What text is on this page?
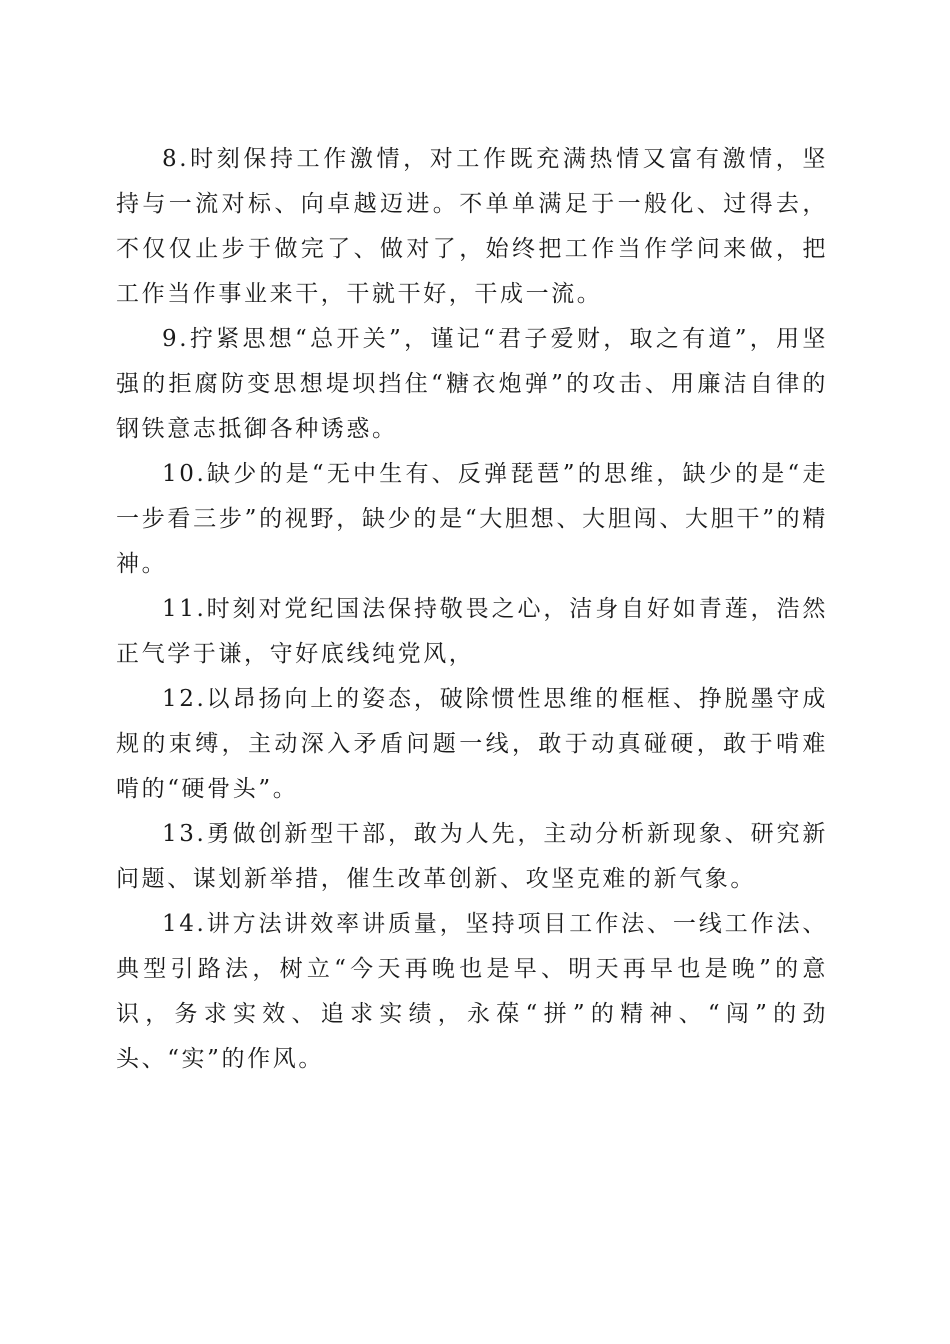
8.时刻保持工作激情，对工作既充满热情又富有激情，坚持与一流对标、向卓越迈进。不单单满足于一般化、过得去，不仅仅止步于做完了、做对了，始终把工作当作学问来做，把工作当作事业来干，干就干好，干成一流。

9.拧紧思想“总开关”，谨记“君子爱财，取之有道”，用坚强的拒腐防变思想堤坝挡住“糖衣炮弹”的攻击、用廉洁自律的钢铁意志抵御各种诱惑。

10.缺少的是“无中生有、反弹琵琶”的思维，缺少的是“走一步看三步”的视野，缺少的是“大胆想、大胆闯、大胆干”的精神。

11.时刻对党纪国法保持敬畏之心，洁身自好如青莲，浩然正气学于谦，守好底线纯党风，

12.以昂扬向上的姿态，破除惯性思维的框框、挣脱墨守成规的束缚，主动深入矛盾问题一线，敢于动真碰硬，敢于啃难啃的“硬骨头”。

13.勇做创新型干部，敢为人先，主动分析新现象、研究新问题、谋划新举措，催生改革创新、攻坚克难的新气象。

14.讲方法讲效率讲质量，坚持项目工作法、一线工作法、典型引路法，树立“今天再晚也是早、明天再早也是晚”的意识，务求实效、追求实绩，永葆“拼”的精神、“闯”的劲头、“实”的作风。
